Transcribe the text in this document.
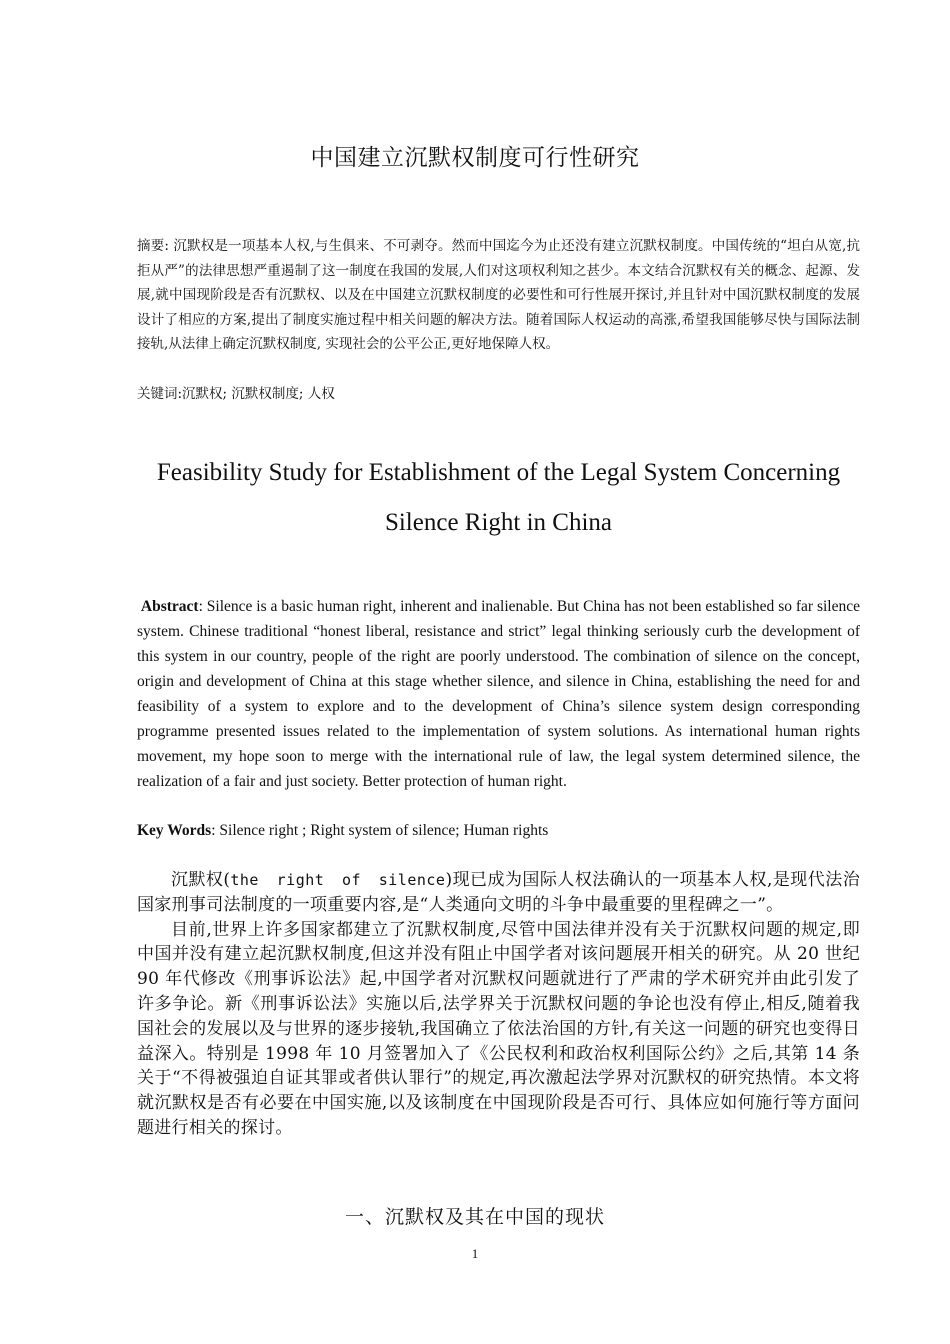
中国建立沉默权制度可行性研究
摘要: 沉默权是一项基本人权,与生俱来、不可剥夺。然而中国迄今为止还没有建立沉默权制度。中国传统的“坦白从宽,抗拒从严”的法律思想严重遏制了这一制度在我国的发展,人们对这项权利知之甚少。本文结合沉默权有关的概念、起源、发展,就中国现阶段是否有沉默权、以及在中国建立沉默权制度的必要性和可行性展开探讨,并且针对中国沉默权制度的发展设计了相应的方案,提出了制度实施过程中相关问题的解决方法。随着国际人权运动的高涨,希望我国能够尽快与国际法制接轨,从法律上确定沉默权制度, 实现社会的公平公正,更好地保障人权。
关键词:沉默权; 沉默权制度; 人权
Feasibility Study for Establishment of the Legal System Concerning
Silence Right in China
Abstract: Silence is a basic human right, inherent and inalienable. But China has not been established so far silence system. Chinese traditional “honest liberal, resistance and strict” legal thinking seriously curb the development of this system in our country, people of the right are poorly understood. The combination of silence on the concept, origin and development of China at this stage whether silence, and silence in China, establishing the need for and feasibility of a system to explore and to the development of China’s silence system design corresponding programme presented issues related to the implementation of system solutions. As international human rights movement, my hope soon to merge with the international rule of law, the legal system determined silence, the realization of a fair and just society. Better protection of human right.
Key Words: Silence right ; Right system of silence; Human rights

沉默权(the right of silence)现已成为国际人权法确认的一项基本人权,是现代法治国家刑事司法制度的一项重要内容,是“人类通向文明的斗争中最重要的里程碑之一”。

目前,世界上许多国家都建立了沉默权制度,尽管中国法律并没有关于沉默权问题的规定,即中国并没有建立起沉默权制度,但这并没有阻止中国学者对该问题展开相关的研究。从 20 世纪 90 年代修改《刑事诉讼法》起,中国学者对沉默权问题就进行了严肃的学术研究并由此引发了许多争论。新《刑事诉讼法》实施以后,法学界关于沉默权问题的争论也没有停止,相反,随着我国社会的发展以及与世界的逐步接轨,我国确立了依法治国的方针,有关这一问题的研究也变得日益深入。特别是 1998 年 10 月签署加入了《公民权利和政治权利国际公约》之后,其第 14 条关于“不得被强迫自证其罪或者供认罪行”的规定,再次激起法学界对沉默权的研究热情。本文将就沉默权是否有必要在中国实施,以及该制度在中国现阶段是否可行、具体应如何施行等方面问题进行相关的探讨。

一、沉默权及其在中国的现状
1
